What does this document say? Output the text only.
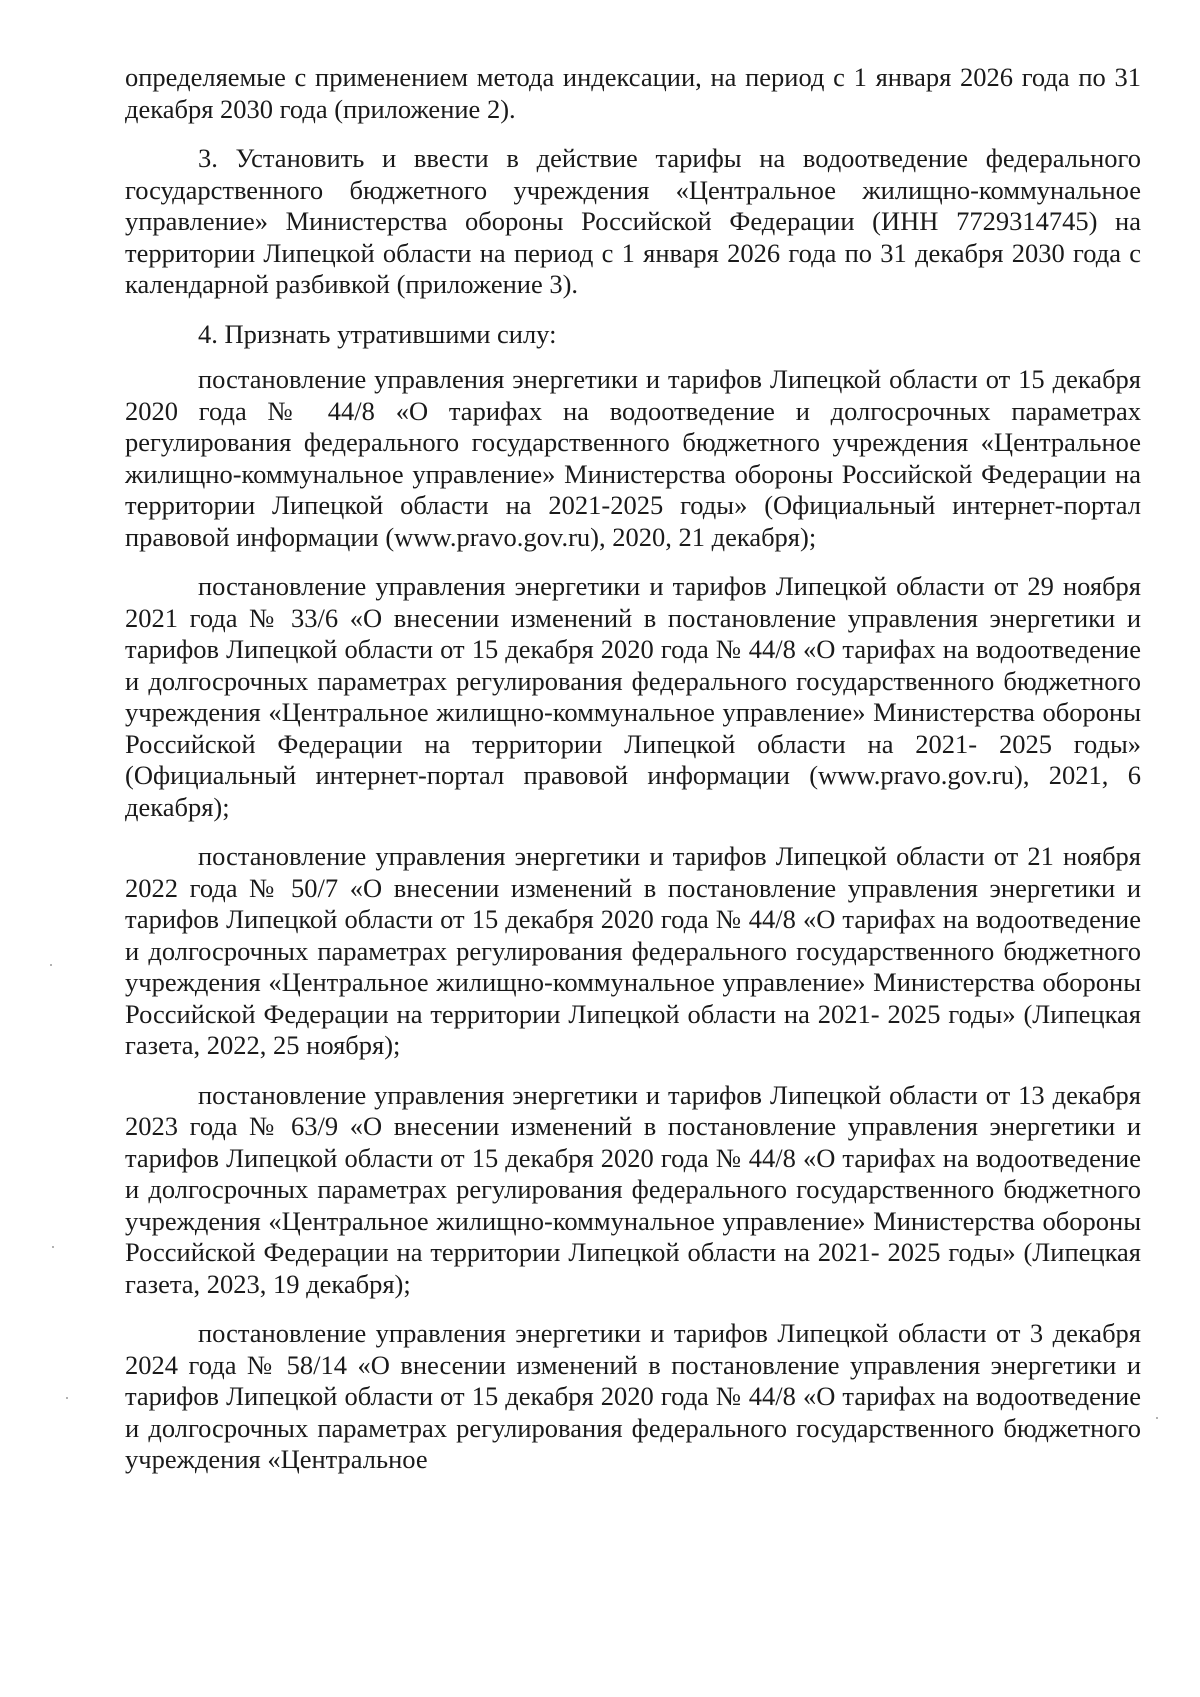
определяемые с применением метода индексации, на период с 1 января 2026 года по 31 декабря 2030 года (приложение 2).

3. Установить и ввести в действие тарифы на водоотведение федерального государственного бюджетного учреждения «Центральное жилищно-коммунальное управление» Министерства обороны Российской Федерации (ИНН 7729314745) на территории Липецкой области на период с 1 января 2026 года по 31 декабря 2030 года с календарной разбивкой (приложение 3).

4. Признать утратившими силу:

постановление управления энергетики и тарифов Липецкой области от 15 декабря 2020 года № 44/8 «О тарифах на водоотведение и долгосрочных параметрах регулирования федерального государственного бюджетного учреждения «Центральное жилищно-коммунальное управление» Министерства обороны Российской Федерации на территории Липецкой области на 2021-2025 годы» (Официальный интернет-портал правовой информации (www.pravo.gov.ru), 2020, 21 декабря);

постановление управления энергетики и тарифов Липецкой области от 29 ноября 2021 года № 33/6 «О внесении изменений в постановление управления энергетики и тарифов Липецкой области от 15 декабря 2020 года № 44/8 «О тарифах на водоотведение и долгосрочных параметрах регулирования федерального государственного бюджетного учреждения «Центральное жилищно-коммунальное управление» Министерства обороны Российской Федерации на территории Липецкой области на 2021- 2025 годы» (Официальный интернет-портал правовой информации (www.pravo.gov.ru), 2021, 6 декабря);

постановление управления энергетики и тарифов Липецкой области от 21 ноября 2022 года № 50/7 «О внесении изменений в постановление управления энергетики и тарифов Липецкой области от 15 декабря 2020 года № 44/8 «О тарифах на водоотведение и долгосрочных параметрах регулирования федерального государственного бюджетного учреждения «Центральное жилищно-коммунальное управление» Министерства обороны Российской Федерации на территории Липецкой области на 2021- 2025 годы» (Липецкая газета, 2022, 25 ноября);

постановление управления энергетики и тарифов Липецкой области от 13 декабря 2023 года № 63/9 «О внесении изменений в постановление управления энергетики и тарифов Липецкой области от 15 декабря 2020 года № 44/8 «О тарифах на водоотведение и долгосрочных параметрах регулирования федерального государственного бюджетного учреждения «Центральное жилищно-коммунальное управление» Министерства обороны Российской Федерации на территории Липецкой области на 2021- 2025 годы» (Липецкая газета, 2023, 19 декабря);

постановление управления энергетики и тарифов Липецкой области от 3 декабря 2024 года № 58/14 «О внесении изменений в постановление управления энергетики и тарифов Липецкой области от 15 декабря 2020 года № 44/8 «О тарифах на водоотведение и долгосрочных параметрах регулирования федерального государственного бюджетного учреждения «Центральное
